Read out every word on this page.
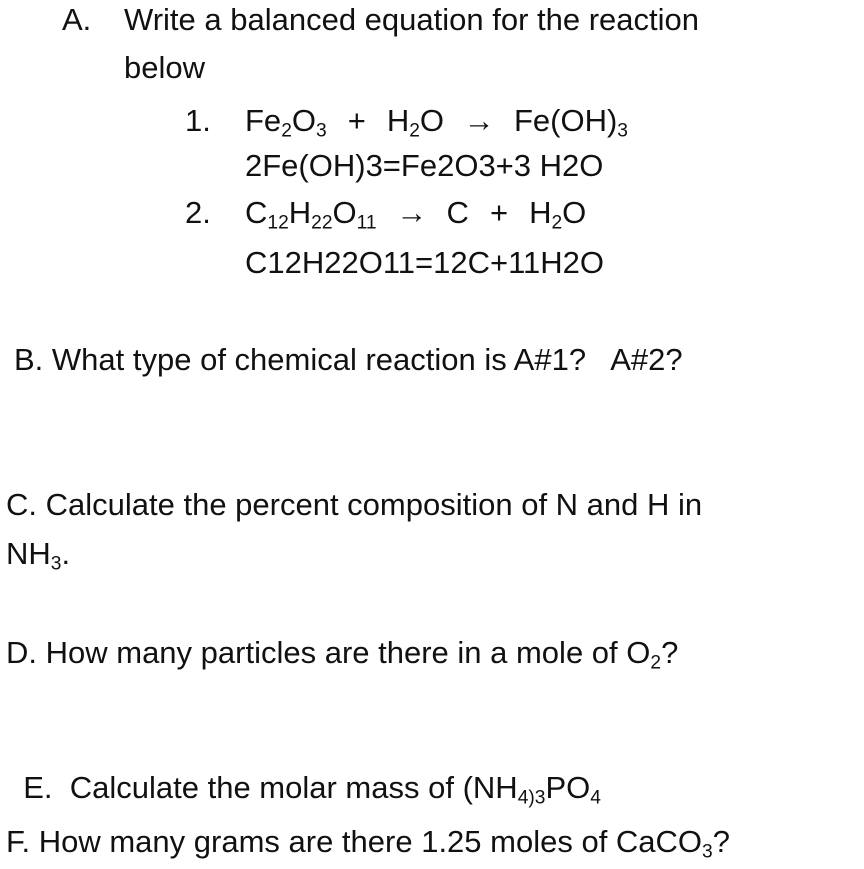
A. Write a balanced equation for the reaction
below
1. $Fe_2O_3 + H_2O \to Fe(OH)_3$
2Fe(OH)3=Fe2O3+3 H2O
2. $C_{12}H_{22}O_{11} \to C + H_2O$
C12H22O11=12C+11H2O
B. What type of chemical reaction is A#1?   A#2?
C. Calculate the percent composition of N and H in
$NH_3$.
D. How many particles are there in a mole of $O_2$?

E.  Calculate the molar mass of ($NH_{4)3}PO_4$

F. How many grams are there 1.25 moles of CaCO$_3$?
